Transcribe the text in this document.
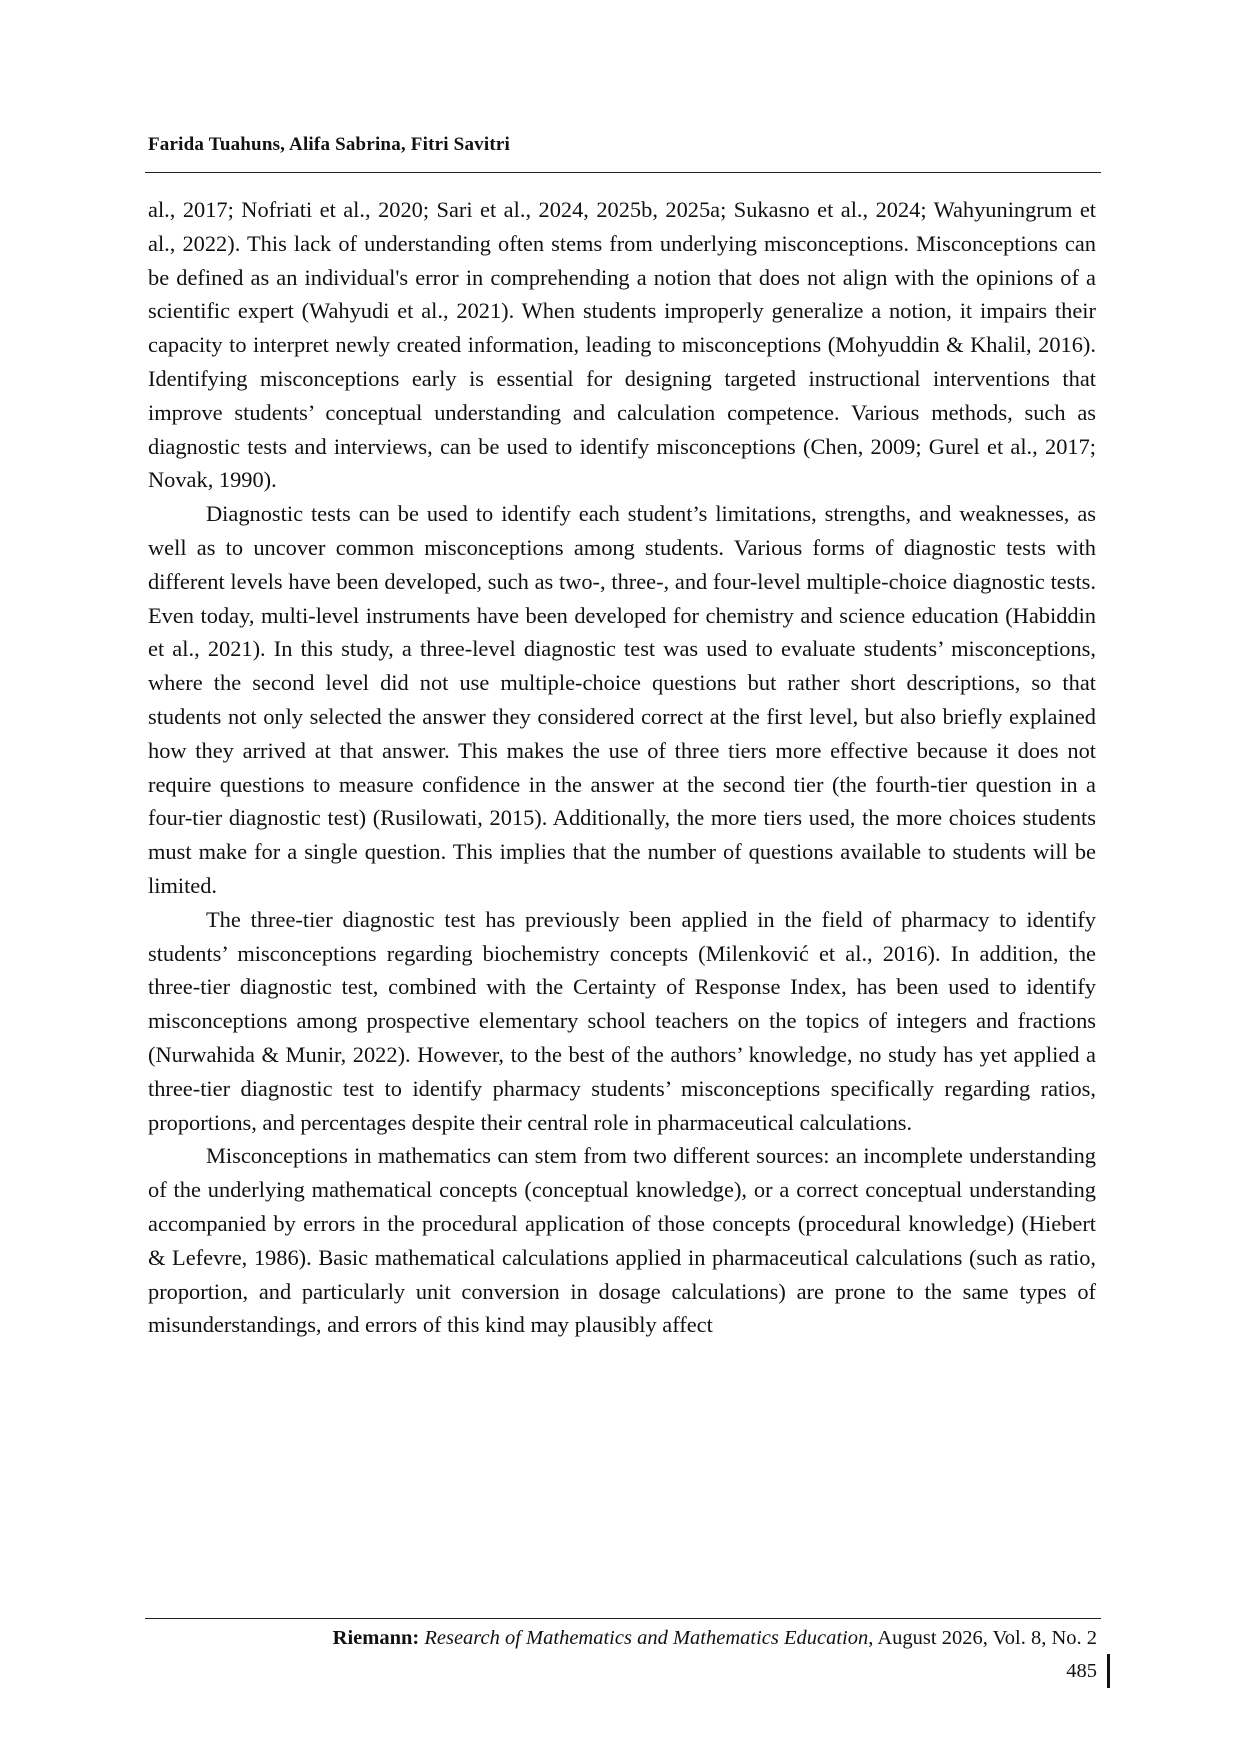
Farida Tuahuns, Alifa Sabrina, Fitri Savitri

al., 2017; Nofriati et al., 2020; Sari et al., 2024, 2025b, 2025a; Sukasno et al., 2024; Wahyuningrum et al., 2022). This lack of understanding often stems from underlying misconceptions. Misconceptions can be defined as an individual's error in comprehending a notion that does not align with the opinions of a scientific expert (Wahyudi et al., 2021). When students improperly generalize a notion, it impairs their capacity to interpret newly created information, leading to misconceptions (Mohyuddin & Khalil, 2016). Identifying misconceptions early is essential for designing targeted instructional interventions that improve students’ conceptual understanding and calculation competence. Various methods, such as diagnostic tests and interviews, can be used to identify misconceptions (Chen, 2009; Gurel et al., 2017; Novak, 1990).

Diagnostic tests can be used to identify each student’s limitations, strengths, and weaknesses, as well as to uncover common misconceptions among students. Various forms of diagnostic tests with different levels have been developed, such as two-, three-, and four-level multiple-choice diagnostic tests. Even today, multi-level instruments have been developed for chemistry and science education (Habiddin et al., 2021). In this study, a three-level diagnostic test was used to evaluate students’ misconceptions, where the second level did not use multiple-choice questions but rather short descriptions, so that students not only selected the answer they considered correct at the first level, but also briefly explained how they arrived at that answer. This makes the use of three tiers more effective because it does not require questions to measure confidence in the answer at the second tier (the fourth-tier question in a four-tier diagnostic test) (Rusilowati, 2015). Additionally, the more tiers used, the more choices students must make for a single question. This implies that the number of questions available to students will be limited.

The three-tier diagnostic test has previously been applied in the field of pharmacy to identify students’ misconceptions regarding biochemistry concepts (Milenković et al., 2016). In addition, the three-tier diagnostic test, combined with the Certainty of Response Index, has been used to identify misconceptions among prospective elementary school teachers on the topics of integers and fractions (Nurwahida & Munir, 2022). However, to the best of the authors’ knowledge, no study has yet applied a three-tier diagnostic test to identify pharmacy students’ misconceptions specifically regarding ratios, proportions, and percentages despite their central role in pharmaceutical calculations.

Misconceptions in mathematics can stem from two different sources: an incomplete understanding of the underlying mathematical concepts (conceptual knowledge), or a correct conceptual understanding accompanied by errors in the procedural application of those concepts (procedural knowledge) (Hiebert & Lefevre, 1986). Basic mathematical calculations applied in pharmaceutical calculations (such as ratio, proportion, and particularly unit conversion in dosage calculations) are prone to the same types of misunderstandings, and errors of this kind may plausibly affect

Riemann: Research of Mathematics and Mathematics Education, August 2026, Vol. 8, No. 2
485
